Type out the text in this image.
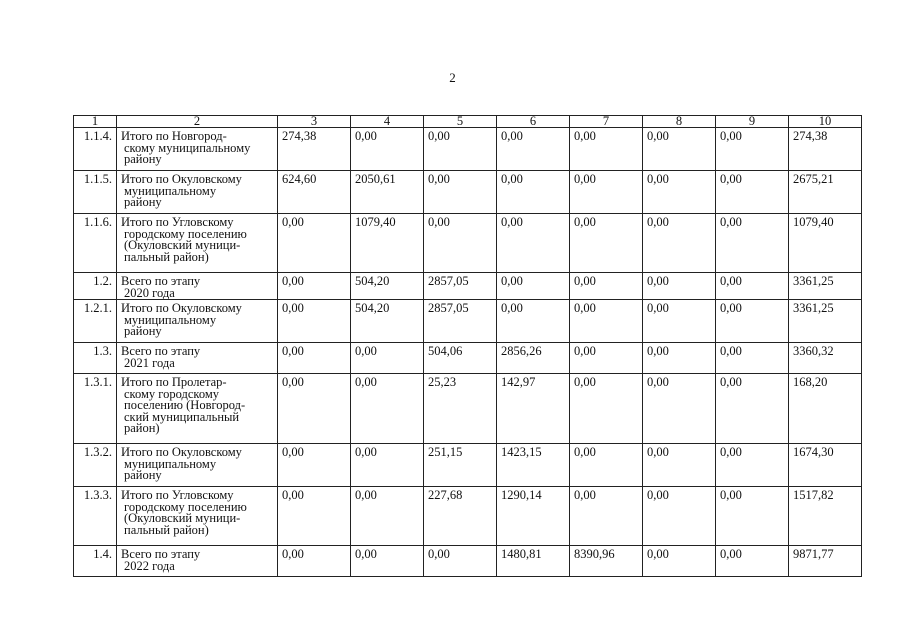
2
1	2	3	4	5	6	7	8	9	10
1.1.4.	Итого по Новгород-
скому муниципальному
району	274,38	0,00	0,00	0,00	0,00	0,00	0,00	274,38
1.1.5.	Итого по Окуловскому
муниципальному
району	624,60	2050,61	0,00	0,00	0,00	0,00	0,00	2675,21
1.1.6.	Итого по Угловскому
городскому поселению
(Окуловский муници-
пальный район)	0,00	1079,40	0,00	0,00	0,00	0,00	0,00	1079,40
1.2.	Всего по этапу
2020 года	0,00	504,20	2857,05	0,00	0,00	0,00	0,00	3361,25
1.2.1.	Итого по Окуловскому
муниципальному
району	0,00	504,20	2857,05	0,00	0,00	0,00	0,00	3361,25
1.3.	Всего по этапу
2021 года	0,00	0,00	504,06	2856,26	0,00	0,00	0,00	3360,32
1.3.1.	Итого по Пролетар-
скому городскому
поселению (Новгород-
ский муниципальный
район)	0,00	0,00	25,23	142,97	0,00	0,00	0,00	168,20
1.3.2.	Итого по Окуловскому
муниципальному
району	0,00	0,00	251,15	1423,15	0,00	0,00	0,00	1674,30
1.3.3.	Итого по Угловскому
городскому поселению
(Окуловский муници-
пальный район)	0,00	0,00	227,68	1290,14	0,00	0,00	0,00	1517,82
1.4.	Всего по этапу
2022 года	0,00	0,00	0,00	1480,81	8390,96	0,00	0,00	9871,77
